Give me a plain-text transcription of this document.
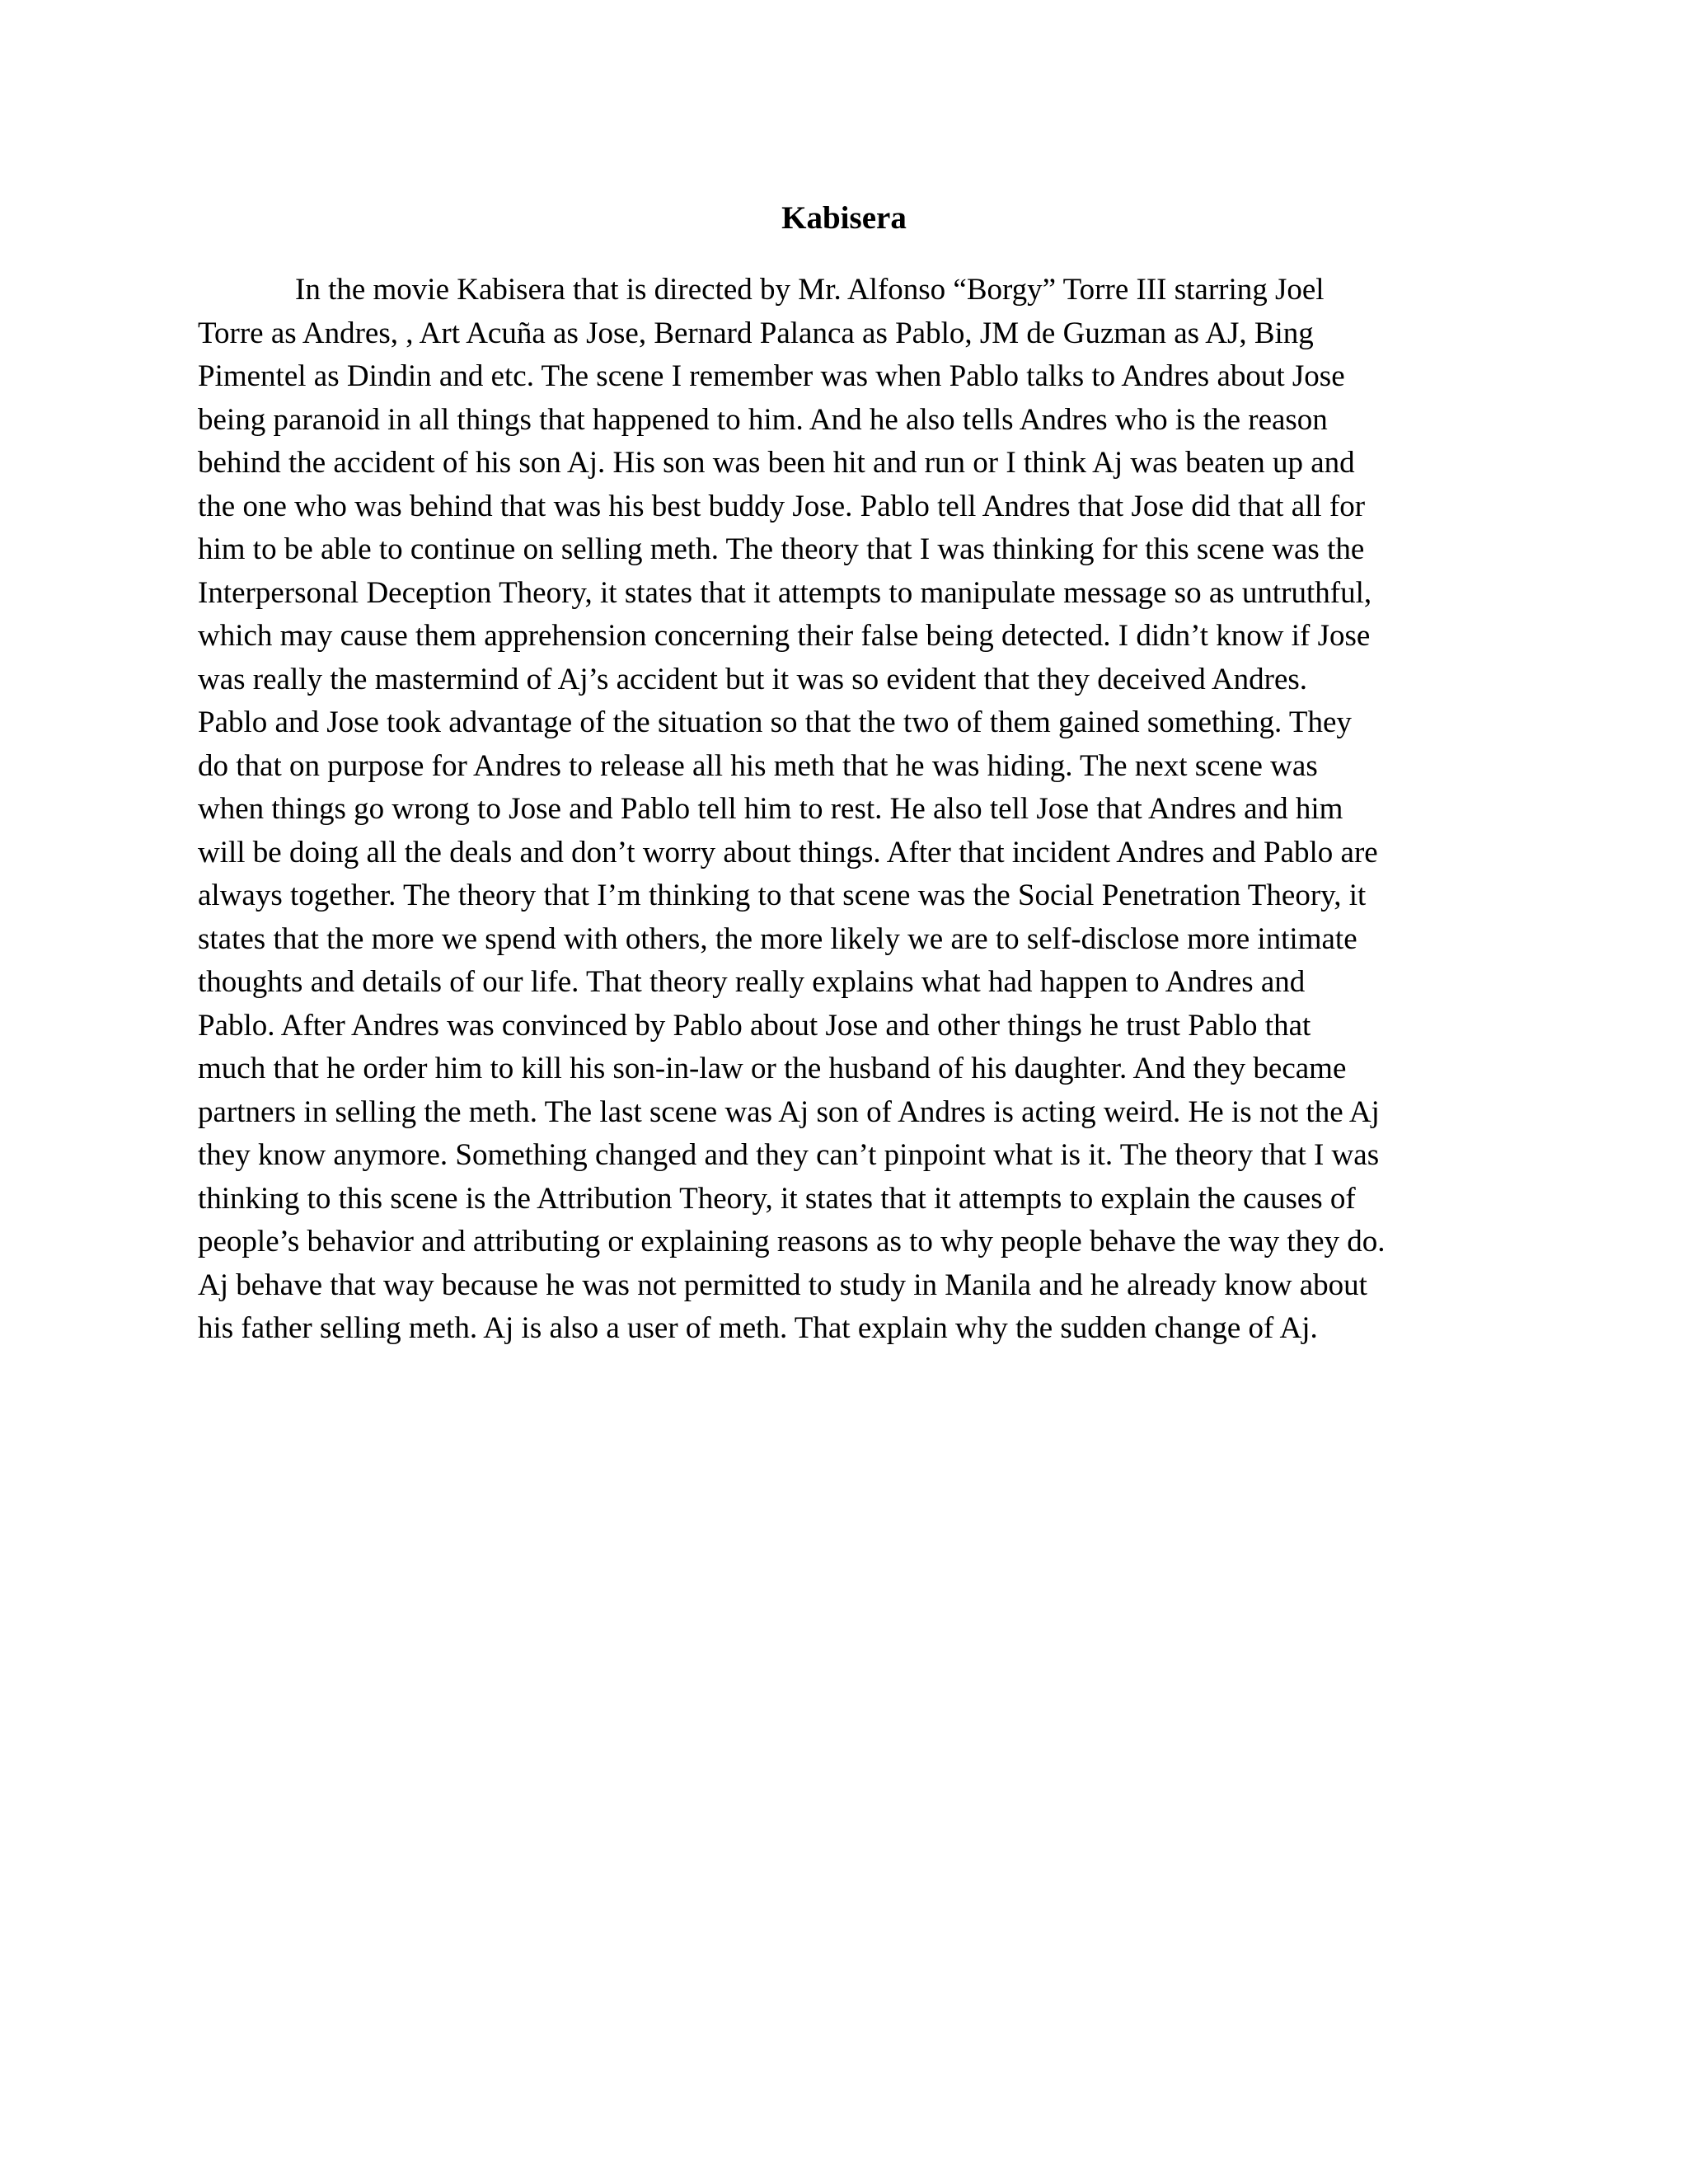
Kabisera
In the movie Kabisera that is directed by Mr. Alfonso “Borgy” Torre III starring Joel
Torre as Andres, , Art Acuña as Jose, Bernard Palanca as Pablo, JM de Guzman as AJ, Bing
Pimentel as Dindin and etc. The scene I remember was when Pablo talks to Andres about Jose
being paranoid in all things that happened to him. And he also tells Andres who is the reason
behind the accident of his son Aj. His son was been hit and run or I think Aj was beaten up and
the one who was behind that was his best buddy Jose. Pablo tell Andres that Jose did that all for
him to be able to continue on selling meth. The theory that I was thinking for this scene was the
Interpersonal Deception Theory, it states that it attempts to manipulate message so as untruthful,
which may cause them apprehension concerning their false being detected. I didn’t know if Jose
was really the mastermind of Aj’s accident but it was so evident that they deceived Andres.
Pablo and Jose took advantage of the situation so that the two of them gained something. They
do that on purpose for Andres to release all his meth that he was hiding. The next scene was
when things go wrong to Jose and Pablo tell him to rest. He also tell Jose that Andres and him
will be doing all the deals and don’t worry about things. After that incident Andres and Pablo are
always together. The theory that I’m thinking to that scene was the Social Penetration Theory, it
states that the more we spend with others, the more likely we are to self-disclose more intimate
thoughts and details of our life. That theory really explains what had happen to Andres and
Pablo. After Andres was convinced by Pablo about Jose and other things he trust Pablo that
much that he order him to kill his son-in-law or the husband of his daughter. And they became
partners in selling the meth. The last scene was Aj son of Andres is acting weird. He is not the Aj
they know anymore. Something changed and they can’t pinpoint what is it. The theory that I was
thinking to this scene is the Attribution Theory, it states that it attempts to explain the causes of
people’s behavior and attributing or explaining reasons as to why people behave the way they do.
Aj behave that way because he was not permitted to study in Manila and he already know about
his father selling meth. Aj is also a user of meth. That explain why the sudden change of Aj.
